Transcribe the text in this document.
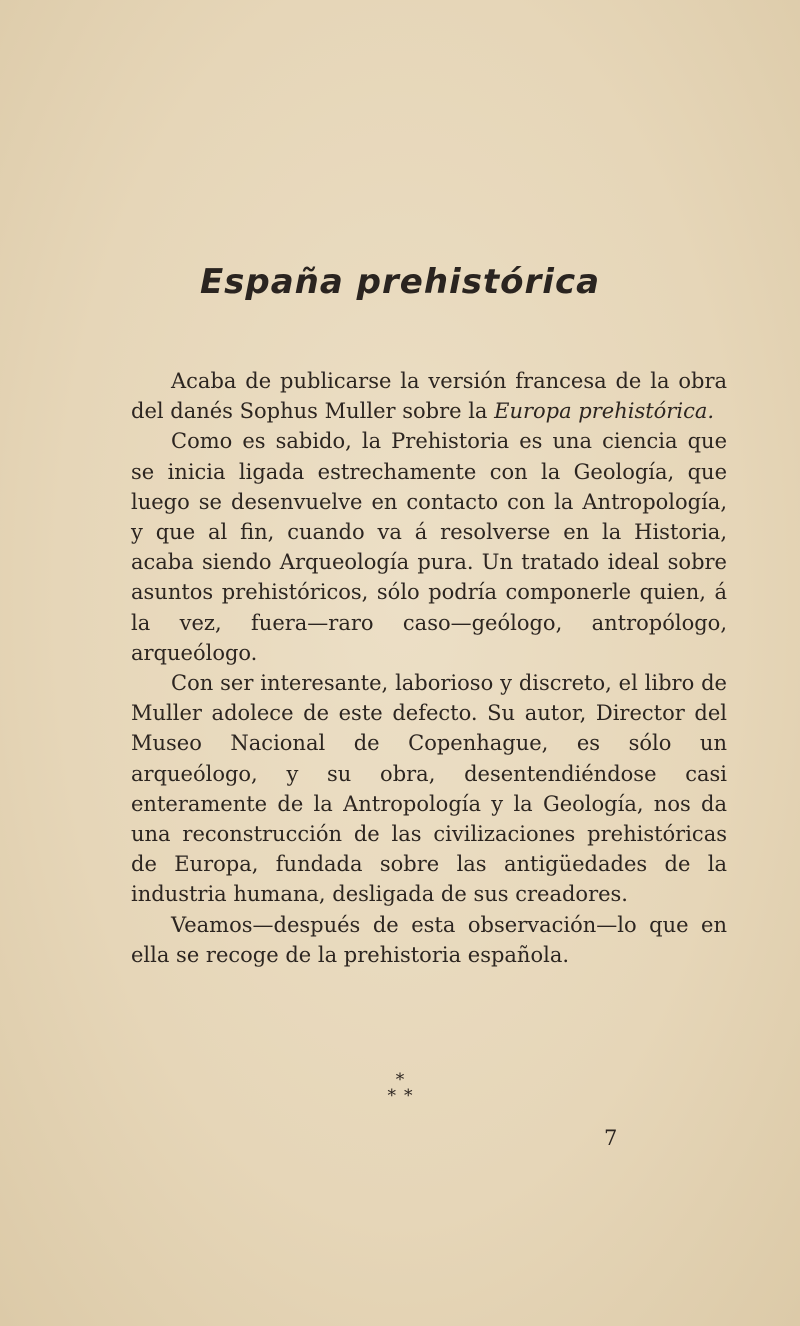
España prehistórica

Acaba de publicarse la versión francesa de la obra del danés Sophus Muller sobre la Europa prehistórica.

Como es sabido, la Prehistoria es una ciencia que se inicia ligada estrechamente con la Geología, que luego se desenvuelve en contacto con la Antropología, y que al fin, cuando va á resolverse en la Historia, acaba siendo Arqueología pura. Un tratado ideal sobre asuntos prehistóricos, sólo podría componerle quien, á la vez, fuera—raro caso—geólogo, antropólogo, arqueólogo.

Con ser interesante, laborioso y discreto, el libro de Muller adolece de este defecto. Su autor, Director del Museo Nacional de Copenhague, es sólo un arqueólogo, y su obra, desentendiéndose casi enteramente de la Antropología y la Geología, nos da una reconstrucción de las civilizaciones prehistóricas de Europa, fundada sobre las antigüedades de la industria humana, desligada de sus creadores.

Veamos—después de esta observación—lo que en ella se recoge de la prehistoria española.

*
**
7
